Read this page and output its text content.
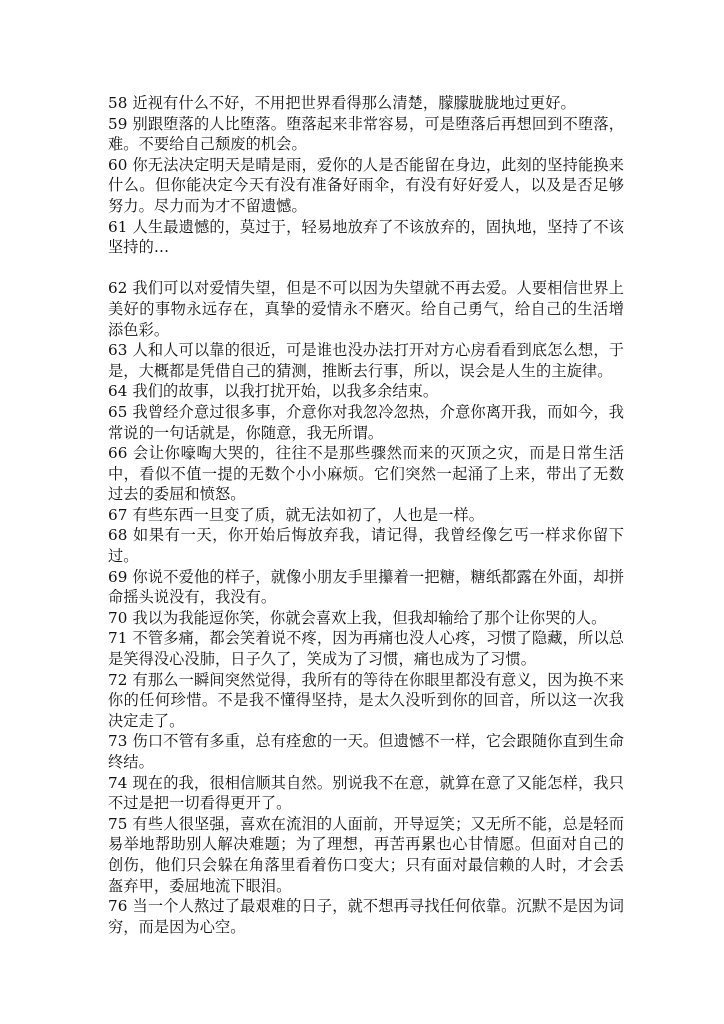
58 近视有什么不好，不用把世界看得那么清楚，朦朦胧胧地过更好。

59 别跟堕落的人比堕落。堕落起来非常容易，可是堕落后再想回到不堕落，难。不要给自己颓废的机会。

60 你无法决定明天是晴是雨，爱你的人是否能留在身边，此刻的坚持能换来什么。但你能决定今天有没有准备好雨伞，有没有好好爱人，以及是否足够努力。尽力而为才不留遗憾。

61 人生最遗憾的，莫过于，轻易地放弃了不该放弃的，固执地，坚持了不该坚持的…

62 我们可以对爱情失望，但是不可以因为失望就不再去爱。人要相信世界上美好的事物永远存在，真挚的爱情永不磨灭。给自己勇气，给自己的生活增添色彩。

63 人和人可以靠的很近，可是谁也没办法打开对方心房看看到底怎么想，于是，大概都是凭借自己的猜测，推断去行事，所以，误会是人生的主旋律。

64 我们的故事，以我打扰开始，以我多余结束。

65 我曾经介意过很多事，介意你对我忽冷忽热，介意你离开我，而如今，我常说的一句话就是，你随意，我无所谓。

66 会让你嚎啕大哭的，往往不是那些骤然而来的灭顶之灾，而是日常生活中，看似不值一提的无数个小小麻烦。它们突然一起涌了上来，带出了无数过去的委屈和愤怒。

67 有些东西一旦变了质，就无法如初了，人也是一样。

68 如果有一天，你开始后悔放弃我，请记得，我曾经像乞丐一样求你留下过。

69 你说不爱他的样子，就像小朋友手里攥着一把糖，糖纸都露在外面，却拼命摇头说没有，我没有。

70 我以为我能逗你笑，你就会喜欢上我，但我却输给了那个让你哭的人。

71 不管多痛，都会笑着说不疼，因为再痛也没人心疼，习惯了隐藏，所以总是笑得没心没肺，日子久了，笑成为了习惯，痛也成为了习惯。

72 有那么一瞬间突然觉得，我所有的等待在你眼里都没有意义，因为换不来你的任何珍惜。不是我不懂得坚持，是太久没听到你的回音，所以这一次我决定走了。

73 伤口不管有多重，总有痊愈的一天。但遗憾不一样，它会跟随你直到生命终结。

74 现在的我，很相信顺其自然。别说我不在意，就算在意了又能怎样，我只不过是把一切看得更开了。

75 有些人很坚强，喜欢在流泪的人面前，开导逗笑；又无所不能，总是轻而易举地帮助别人解决难题；为了理想，再苦再累也心甘情愿。但面对自己的创伤，他们只会躲在角落里看着伤口变大；只有面对最信赖的人时，才会丢盔弃甲，委屈地流下眼泪。

76 当一个人熬过了最艰难的日子，就不想再寻找任何依靠。沉默不是因为词穷，而是因为心空。
